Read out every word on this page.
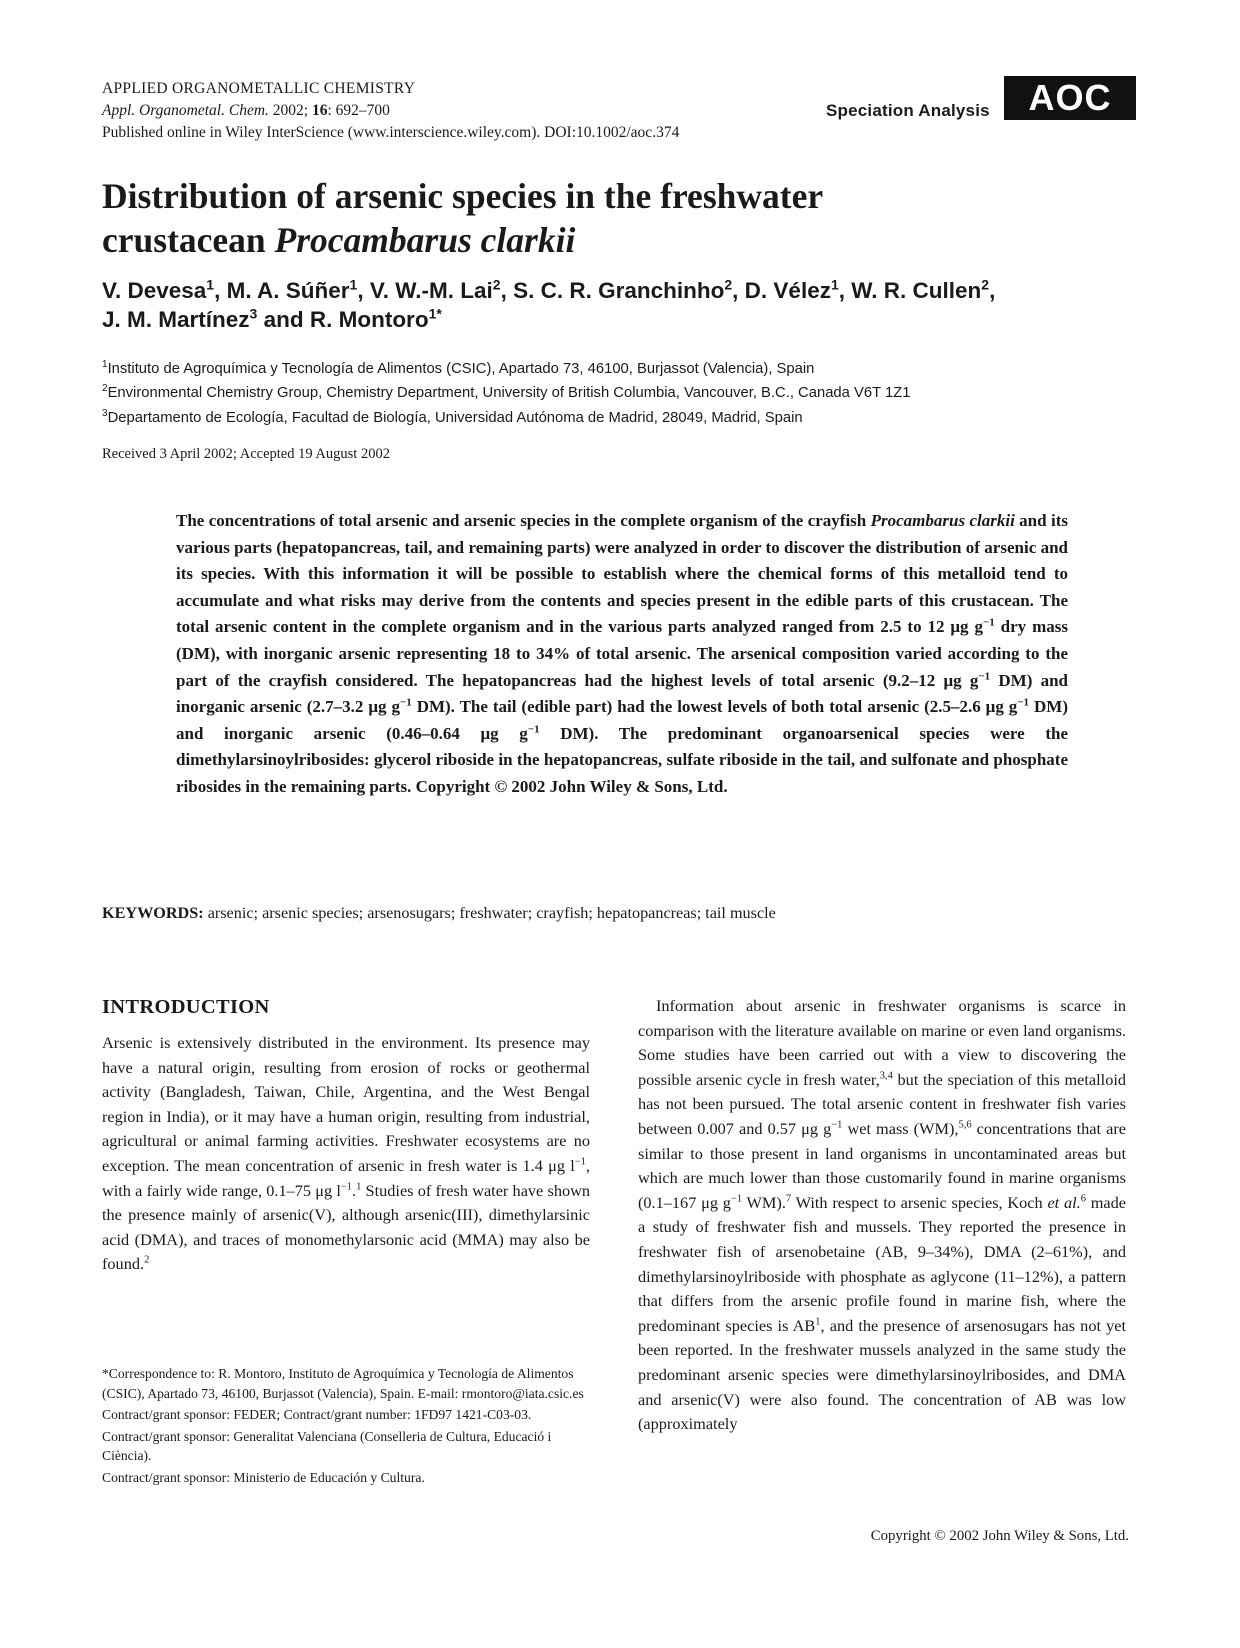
APPLIED ORGANOMETALLIC CHEMISTRY
Appl. Organometal. Chem. 2002; 16: 692–700
Published online in Wiley InterScience (www.interscience.wiley.com). DOI:10.1002/aoc.374
Speciation Analysis	AOC
Distribution of arsenic species in the freshwater
crustacean Procambarus clarkii
V. Devesa$^1$, M. A. Súñer$^1$, V. W.-M. Lai$^2$, S. C. R. Granchinho$^2$, D. Vélez$^1$, W. R. Cullen$^2$,
J. M. Martínez$^3$ and R. Montoro$^{1*}$
$^1$Instituto de Agroquímica y Tecnología de Alimentos (CSIC), Apartado 73, 46100, Burjassot (Valencia), Spain
$^2$Environmental Chemistry Group, Chemistry Department, University of British Columbia, Vancouver, B.C., Canada V6T 1Z1
$^3$Departamento de Ecología, Facultad de Biología, Universidad Autónoma de Madrid, 28049, Madrid, Spain
Received 3 April 2002; Accepted 19 August 2002
The concentrations of total arsenic and arsenic species in the complete organism of the crayfish Procambarus clarkii and its various parts (hepatopancreas, tail, and remaining parts) were analyzed in order to discover the distribution of arsenic and its species. With this information it will be possible to establish where the chemical forms of this metalloid tend to accumulate and what risks may derive from the contents and species present in the edible parts of this crustacean. The total arsenic content in the complete organism and in the various parts analyzed ranged from 2.5 to 12 μg $g^{-1}$ dry mass (DM), with inorganic arsenic representing 18 to 34% of total arsenic. The arsenical composition varied according to the part of the crayfish considered. The hepatopancreas had the highest levels of total arsenic (9.2–12 μg $g^{-1}$ DM) and inorganic arsenic (2.7–3.2 μg $g^{-1}$ DM). The tail (edible part) had the lowest levels of both total arsenic (2.5–2.6 μg $g^{-1}$ DM) and inorganic arsenic (0.46–0.64 μg $g^{-1}$ DM). The predominant organoarsenical species were the dimethylarsinoylribosides: glycerol riboside in the hepatopancreas, sulfate riboside in the tail, and sulfonate and phosphate ribosides in the remaining parts. Copyright © 2002 John Wiley & Sons, Ltd.
KEYWORDS: arsenic; arsenic species; arsenosugars; freshwater; crayfish; hepatopancreas; tail muscle
INTRODUCTION
Arsenic is extensively distributed in the environment. Its presence may have a natural origin, resulting from erosion of rocks or geothermal activity (Bangladesh, Taiwan, Chile, Argentina, and the West Bengal region in India), or it may have a human origin, resulting from industrial, agricultural or animal farming activities. Freshwater ecosystems are no exception. The mean concentration of arsenic in fresh water is 1.4 μg $l^{-1}$, with a fairly wide range, 0.1–75 μg $l^{-1}.^1$ Studies of fresh water have shown the presence mainly of arsenic(V), although arsenic(III), dimethylarsinic acid (DMA), and traces of monomethylarsonic acid (MMA) may also be found.$^2$

*Correspondence to: R. Montoro, Instituto de Agroquímica y Tecnología de Alimentos (CSIC), Apartado 73, 46100, Burjassot (Valencia), Spain. E-mail: rmontoro@iata.csic.es

Contract/grant sponsor: FEDER; Contract/grant number: 1FD97 1421-C03-03.

Contract/grant sponsor: Generalitat Valenciana (Conselleria de Cultura, Educació i Ciència).

Contract/grant sponsor: Ministerio de Educación y Cultura.

Information about arsenic in freshwater organisms is scarce in comparison with the literature available on marine or even land organisms. Some studies have been carried out with a view to discovering the possible arsenic cycle in fresh water,$^{3,4}$ but the speciation of this metalloid has not been pursued. The total arsenic content in freshwater fish varies between 0.007 and 0.57 μg $g^{-1}$ wet mass (WM),$^{5,6}$ concentrations that are similar to those present in land organisms in uncontaminated areas but which are much lower than those customarily found in marine organisms (0.1–167 μg $g^{-1}$ WM).$^7$ With respect to arsenic species, Koch et al.$^6$ made a study of freshwater fish and mussels. They reported the presence in freshwater fish of arsenobetaine (AB, 9–34%), DMA (2–61%), and dimethylarsinoylriboside with phosphate as aglycone (11–12%), a pattern that differs from the arsenic profile found in marine fish, where the predominant species is $AB^1$, and the presence of arsenosugars has not yet been reported. In the freshwater mussels analyzed in the same study the predominant arsenic species were dimethylarsinoylribosides, and DMA and arsenic(V) were also found. The concentration of AB was low (approximately
Copyright © 2002 John Wiley & Sons, Ltd.
